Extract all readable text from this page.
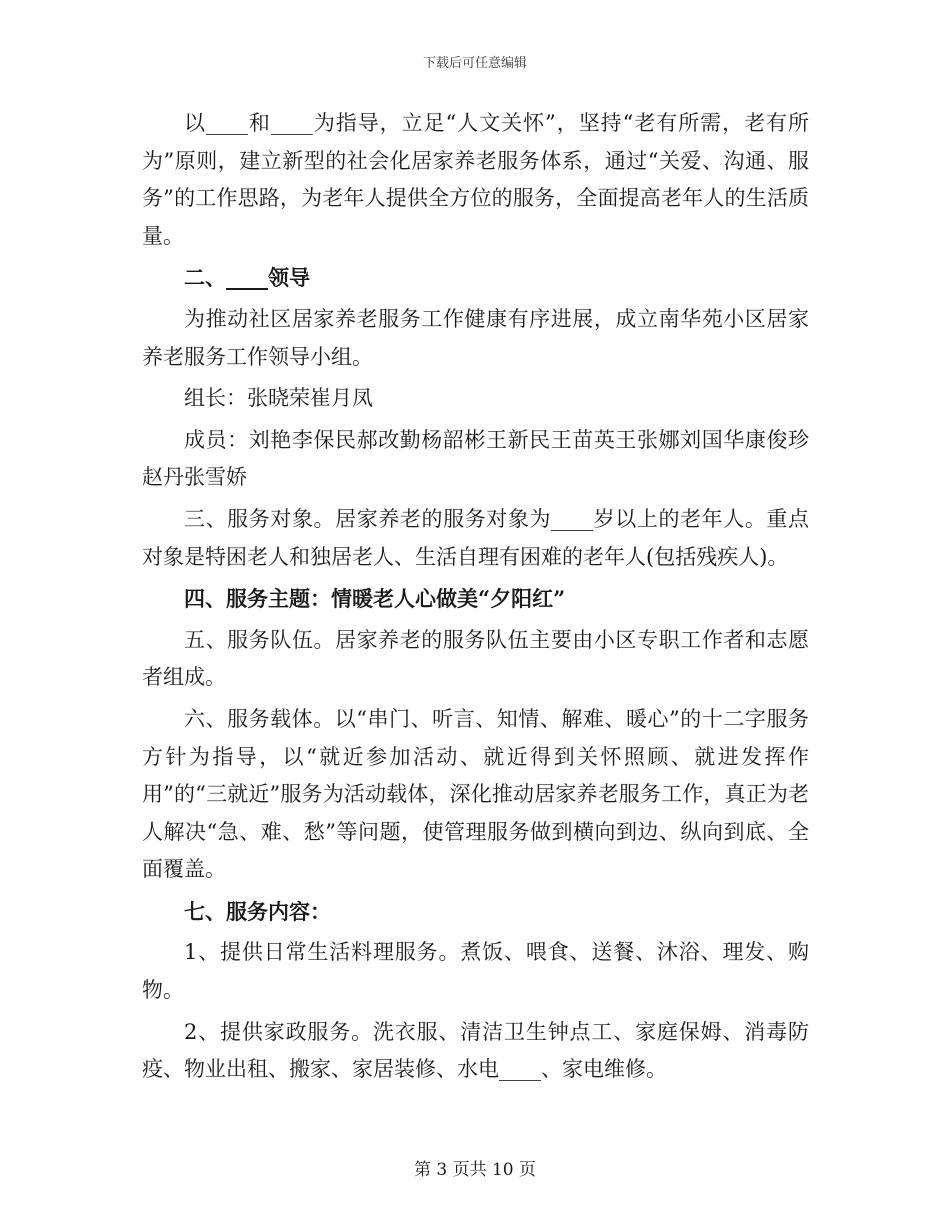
下载后可任意编辑

以____和____为指导，立足“人文关怀”，坚持“老有所需，老有所为”原则，建立新型的社会化居家养老服务体系，通过“关爱、沟通、服务”的工作思路，为老年人提供全方位的服务，全面提高老年人的生活质量。

二、____领导

为推动社区居家养老服务工作健康有序进展，成立南华苑小区居家养老服务工作领导小组。

组长：张晓荣崔月凤

成员：刘艳李保民郝改勤杨韶彬王新民王苗英王张娜刘国华康俊珍赵丹张雪娇

三、服务对象。居家养老的服务对象为____岁以上的老年人。重点对象是特困老人和独居老人、生活自理有困难的老年人(包括残疾人)。

四、服务主题：情暖老人心做美“夕阳红”

五、服务队伍。居家养老的服务队伍主要由小区专职工作者和志愿者组成。

六、服务载体。以“串门、听言、知情、解难、暖心”的十二字服务方针为指导，以“就近参加活动、就近得到关怀照顾、就进发挥作用”的“三就近”服务为活动载体，深化推动居家养老服务工作，真正为老人解决“急、难、愁”等问题，使管理服务做到横向到边、纵向到底、全面覆盖。

七、服务内容：

1、提供日常生活料理服务。煮饭、喂食、送餐、沐浴、理发、购物。

2、提供家政服务。洗衣服、清洁卫生钟点工、家庭保姆、消毒防疫、物业出租、搬家、家居装修、水电____、家电维修。

第 3 页共 10 页
